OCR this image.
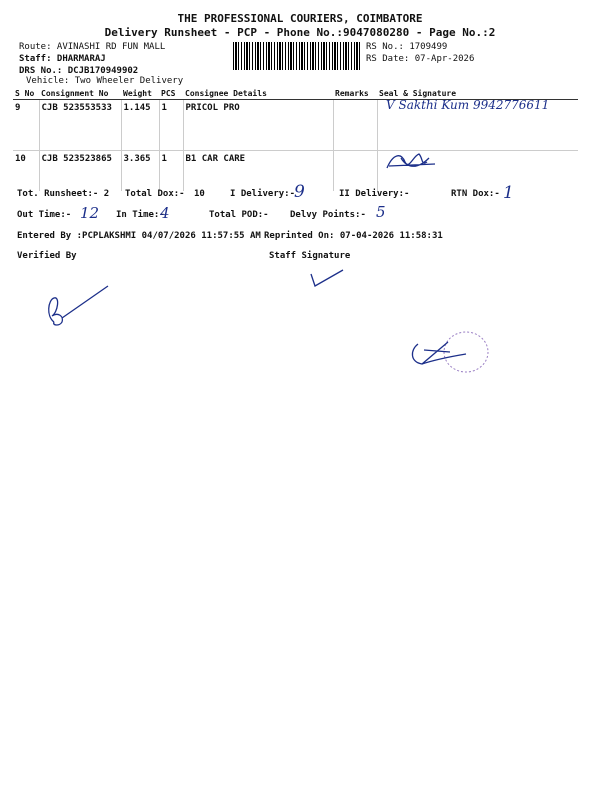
THE PROFESSIONAL COURIERS, COIMBATORE
Delivery Runsheet - PCP - Phone No.:9047080280 - Page No.:2
Route: AVINASHI RD FUN MALL
Staff: DHARMARAJ
DRS No.: DCJB170949902
Vehicle: Two Wheeler Delivery
RS No.: 1709499
RS Date: 07-Apr-2026
S No	Consignment No	Weight	PCS	Consignee Details	Remarks	Seal & Signature
9	CJB 523553533	1.145	1	PRICOL PRO		
10	CJB 523523865	3.365	1	B1 CAR CARE		
V Sakthi Kum 9942776611
Tot. Runsheet:- 2 Total Dox:- 10	I Delivery:-
9	II Delivery:-	RTN Dox:- 1
Out Time:- 12 In Time:-
4	Total POD:- Delvy Points:- 5
Entered By :PCPLAKSHMI 04/07/2026 11:57:55 AM Reprinted On: 07-04-2026 11:58:31
Verified By	Staff Signature
